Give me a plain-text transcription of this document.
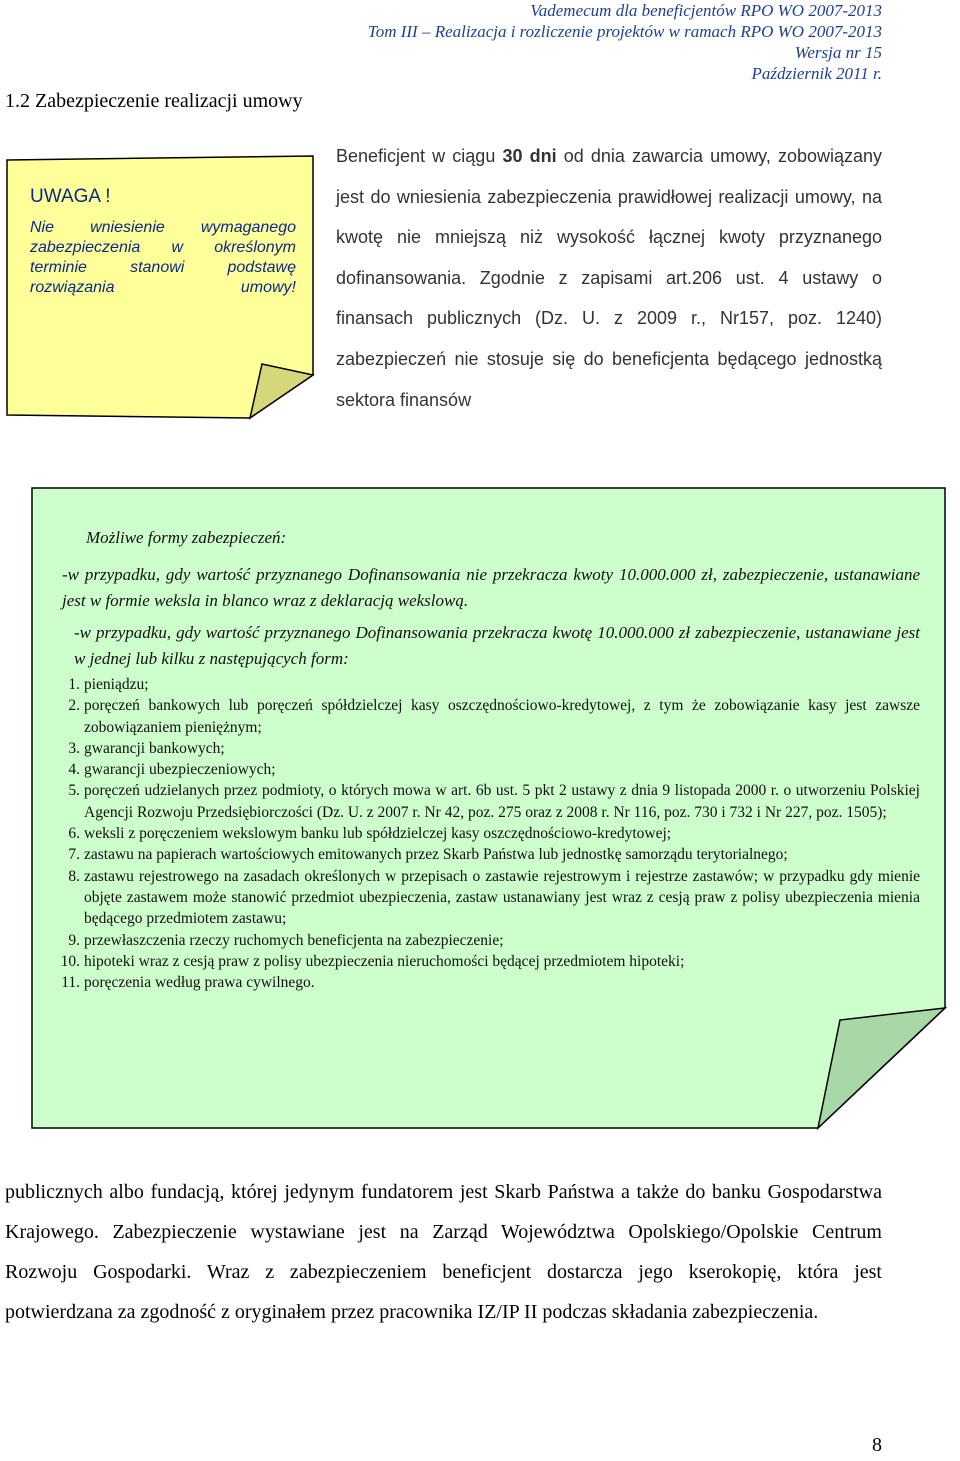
Vademecum dla beneficjentów RPO WO 2007-2013
Tom III – Realizacja i rozliczenie projektów w ramach RPO WO 2007-2013
Wersja nr 15
Październik 2011 r.
1.2 Zabezpieczenie realizacji umowy
UWAGA !
Nie wniesienie wymaganego zabezpieczenia w określonym terminie stanowi podstawę rozwiązania umowy!
Beneficjent w ciągu 30 dni od dnia zawarcia umowy, zobowiązany jest do wniesienia zabezpieczenia prawidłowej realizacji umowy, na kwotę nie mniejszą niż wysokość łącznej kwoty przyznanego dofinansowania. Zgodnie z zapisami art.206 ust. 4 ustawy o finansach publicznych (Dz. U. z 2009 r., Nr157, poz. 1240) zabezpieczeń nie stosuje się do beneficjenta będącego jednostką sektora finansów
Możliwe formy zabezpieczeń:
-w przypadku, gdy wartość przyznanego Dofinansowania nie przekracza kwoty 10.000.000 zł, zabezpieczenie, ustanawiane jest w formie weksla in blanco wraz z deklaracją wekslową.
-w przypadku, gdy wartość przyznanego Dofinansowania przekracza kwotę 10.000.000 zł zabezpieczenie, ustanawiane jest w jednej lub kilku z następujących form:
1. pieniądzu;
2. poręczeń bankowych lub poręczeń spółdzielczej kasy oszczędnościowo-kredytowej, z tym że zobowiązanie kasy jest zawsze zobowiązaniem pieniężnym;
3. gwarancji bankowych;
4. gwarancji ubezpieczeniowych;
5. poręczeń udzielanych przez podmioty, o których mowa w art. 6b ust. 5 pkt 2 ustawy z dnia 9 listopada 2000 r. o utworzeniu Polskiej Agencji Rozwoju Przedsiębiorczości (Dz. U. z 2007 r. Nr 42, poz. 275 oraz z 2008 r. Nr 116, poz. 730 i 732 i Nr 227, poz. 1505);
6. weksli z poręczeniem wekslowym banku lub spółdzielczej kasy oszczędnościowo-kredytowej;
7. zastawu na papierach wartościowych emitowanych przez Skarb Państwa lub jednostkę samorządu terytorialnego;
8. zastawu rejestrowego na zasadach określonych w przepisach o zastawie rejestrowym i rejestrze zastawów; w przypadku gdy mienie objęte zastawem może stanowić przedmiot ubezpieczenia, zastaw ustanawiany jest wraz z cesją praw z polisy ubezpieczenia mienia będącego przedmiotem zastawu;
9. przewłaszczenia rzeczy ruchomych beneficjenta na zabezpieczenie;
10. hipoteki wraz z cesją praw z polisy ubezpieczenia nieruchomości będącej przedmiotem hipoteki;
11. poręczenia według prawa cywilnego.
publicznych albo fundacją, której jedynym fundatorem jest Skarb Państwa a także do banku Gospodarstwa Krajowego. Zabezpieczenie wystawiane jest na Zarząd Województwa Opolskiego/Opolskie Centrum Rozwoju Gospodarki. Wraz z zabezpieczeniem beneficjent dostarcza jego kserokopię, która jest potwierdzana za zgodność z oryginałem przez pracownika IZ/IP II podczas składania zabezpieczenia.
8
